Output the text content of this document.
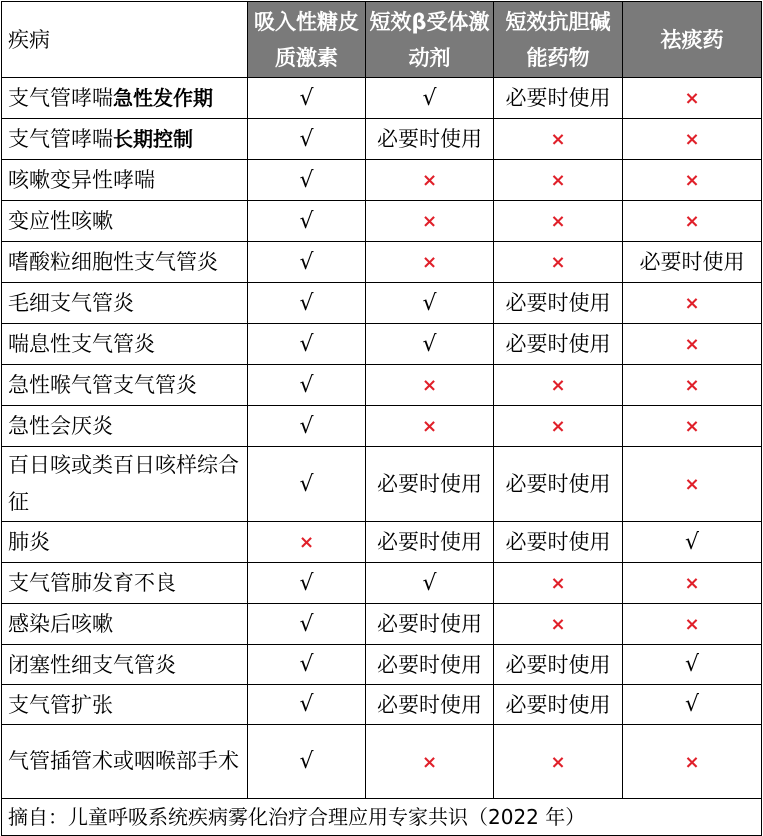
疾病	吸入性糖皮质激素	短效β受体激动剂	短效抗胆碱能药物	祛痰药
支气管哮喘急性发作期	√	√	必要时使用	×
支气管哮喘长期控制	√	必要时使用	×	×
咳嗽变异性哮喘	√	×	×	×
变应性咳嗽	√	×	×	×
嗜酸粒细胞性支气管炎	√	×	×	必要时使用
毛细支气管炎	√	√	必要时使用	×
喘息性支气管炎	√	√	必要时使用	×
急性喉气管支气管炎	√	×	×	×
急性会厌炎	√	×	×	×
百日咳或类百日咳样综合征	√	必要时使用	必要时使用	×
肺炎	×	必要时使用	必要时使用	√
支气管肺发育不良	√	√	×	×
感染后咳嗽	√	必要时使用	×	×
闭塞性细支气管炎	√	必要时使用	必要时使用	√
支气管扩张	√	必要时使用	必要时使用	√
气管插管术或咽喉部手术	√	×	×	×
摘自：儿童呼吸系统疾病雾化治疗合理应用专家共识（2022 年）				
